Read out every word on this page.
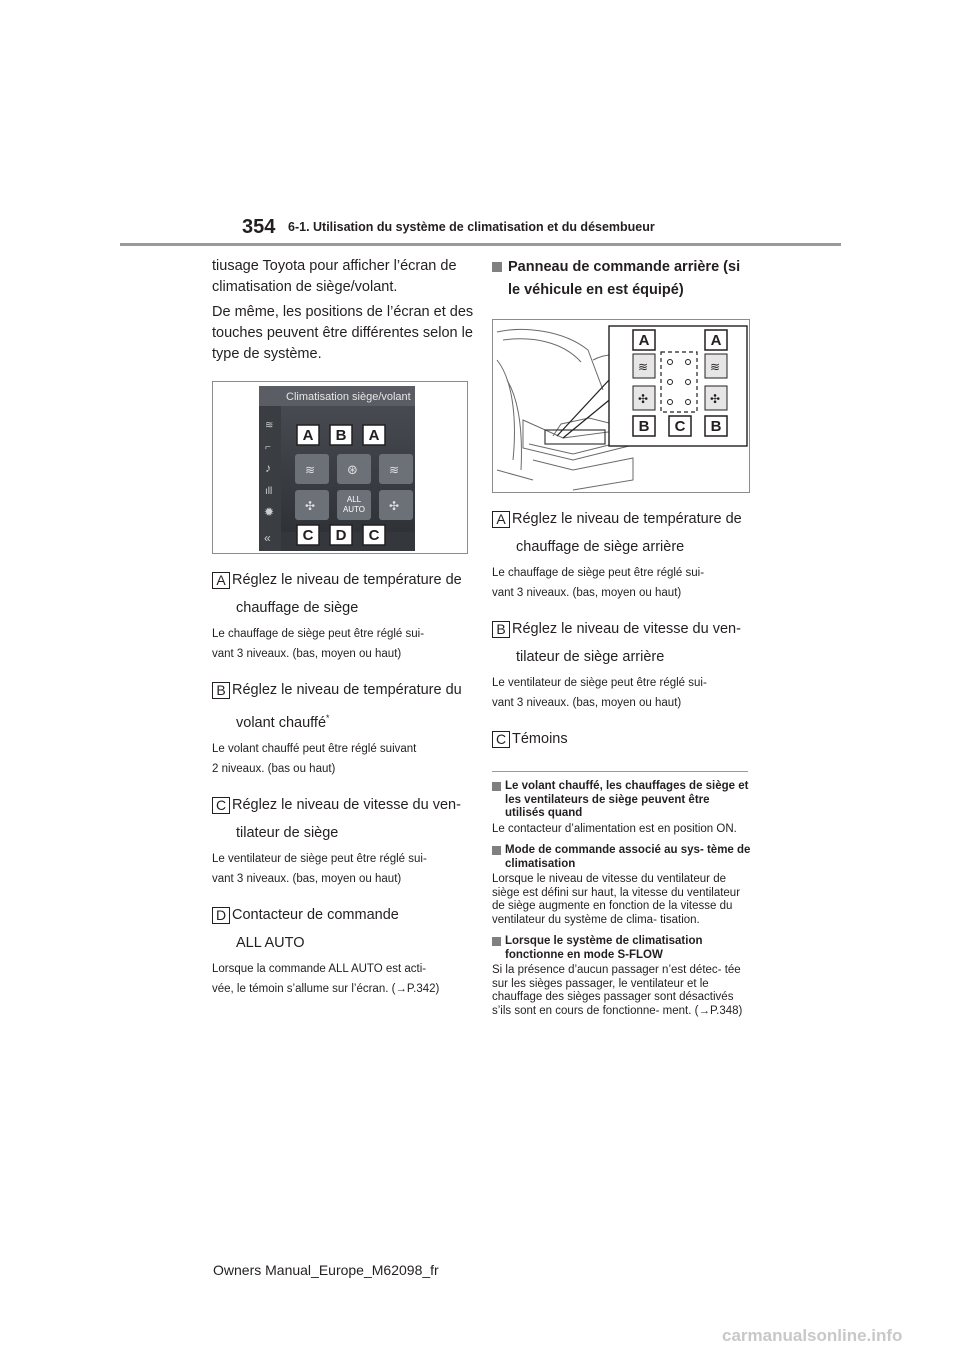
354 6-1. Utilisation du système de climatisation et du désembueur

tiusage Toyota pour afficher l’écran de climatisation de siège/volant.

De même, les positions de l’écran et des touches peuvent être différentes selon le type de système.

Climatisation siège/volant
≋
⌐
♪
ıll
✹
«
≋ ⊛	≋
✣	ALL
AUTO ✣
A B A
C D C
A Réglez le niveau de température de
chauffage de siège
Le chauffage de siège peut être réglé sui-
vant 3 niveaux. (bas, moyen ou haut)
B Réglez le niveau de température du
volant chauffé*
Le volant chauffé peut être réglé suivant
2 niveaux. (bas ou haut)
C Réglez le niveau de vitesse du ven-
tilateur de siège
Le ventilateur de siège peut être réglé sui-
vant 3 niveaux. (bas, moyen ou haut)
D Contacteur de commande
ALL AUTO
Lorsque la commande ALL AUTO est acti-
vée, le témoin s’allume sur l’écran. (→P.342)
Panneau de commande arrière (si
le véhicule en est équipé)
≋	≋
✣	✣
A	A
B C B
A Réglez le niveau de température de
chauffage de siège arrière
Le chauffage de siège peut être réglé sui-
vant 3 niveaux. (bas, moyen ou haut)
B Réglez le niveau de vitesse du ven-
tilateur de siège arrière
Le ventilateur de siège peut être réglé sui-
vant 3 niveaux. (bas, moyen ou haut)
C Témoins
Le volant chauffé, les chauffages de siège et les ventilateurs de siège peuvent être utilisés quand
Le contacteur d’alimentation est en position ON.
Mode de commande associé au sys- tème de climatisation
Lorsque le niveau de vitesse du ventilateur de siège est défini sur haut, la vitesse du ventilateur de siège augmente en fonction de la vitesse du ventilateur du système de clima- tisation.
Lorsque le système de climatisation fonctionne en mode S-FLOW
Si la présence d’aucun passager n’est détec- tée sur les sièges passager, le ventilateur et le chauffage des sièges passager sont désactivés s’ils sont en cours de fonctionne- ment. (→P.348)
Owners Manual_Europe_M62098_fr
carmanualsonline.info
